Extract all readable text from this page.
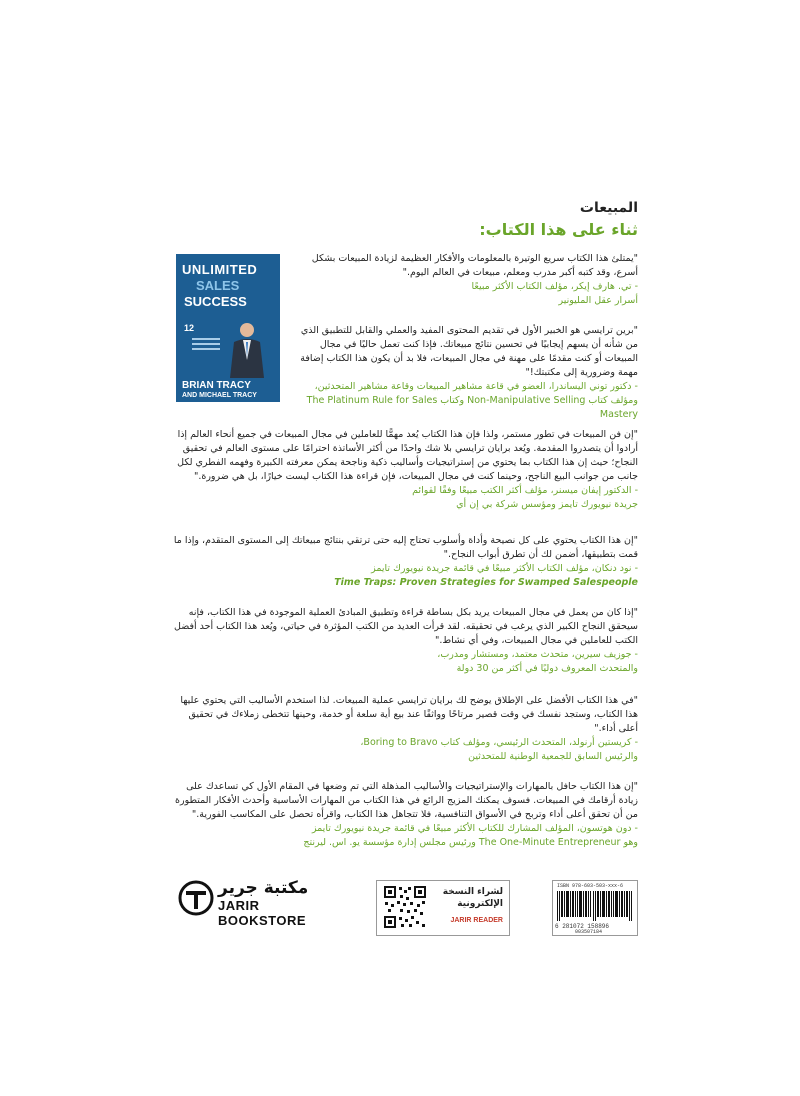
المبيعات
ثناء على هذا الكتاب:
UNLIMITED
SALES
SUCCESS
12
BRIAN TRACY
AND MICHAEL TRACY

"يمتلئ هذا الكتاب سريع الوتيرة بالمعلومات والأفكار العظيمة لزيادة المبيعات بشكل أسرع، وقد كتبه أكبر مدرب ومعلم، مبيعات في العالم اليوم."

- تي. هارف إيكر، مؤلف الكتاب الأكثر مبيعًا

أسرار عقل المليونير

"برين ترايسي هو الخبير الأول في تقديم المحتوى المفيد والعملي والقابل للتطبيق الذي من شأنه أن يسهم إيجابيًا في تحسين نتائج مبيعاتك. فإذا كنت تعمل حاليًا في مجال المبيعات أو كنت مقدمًا على مهنة في مجال المبيعات، فلا بد أن يكون هذا الكتاب إضافة مهمة وضرورية إلى مكتبتك!"

- دكتور توني اليساندرا، العضو في قاعة مشاهير المبيعات وقاعة مشاهير المتحدثين،

ومؤلف كتاب Non-Manipulative Selling وكتاب The Platinum Rule for Sales Mastery

"إن فن المبيعات في تطور مستمر، ولذا فإن هذا الكتاب يُعد مهمًّا للعاملين في مجال المبيعات في جميع أنحاء العالم إذا أرادوا أن يتصدروا المقدمة. ويُعد برايان ترايسي بلا شك واحدًا من أكثر الأساتذة احترامًا على مستوى العالم في تحقيق النجاح؛ حيث إن هذا الكتاب بما يحتوي من إستراتيجيات وأساليب ذكية وناجحة يمكن معرفته الكبيرة وفهمه الفطري لكل جانب من جوانب البيع الناجح، وحينما كنت في مجال المبيعات، فإن قراءة هذا الكتاب ليست خيارًا، بل هي ضرورة."

- الدكتور إيفان ميسنر، مؤلف أكثر الكتب مبيعًا وفقًا لقوائم

جريدة نيويورك تايمز ومؤسس شركة بي إن أي

"إن هذا الكتاب يحتوي على كل نصيحة وأداة وأسلوب تحتاج إليه حتى ترتقي بنتائج مبيعاتك إلى المستوى المتقدم، وإذا ما قمت بتطبيقها، أضمن لك أن تطرق أبواب النجاح."

- نود دنكان، مؤلف الكتاب الأكثر مبيعًا في قائمة جريدة نيويورك تايمز

Time Traps: Proven Strategies for Swamped Salespeople

"إذا كان من يعمل في مجال المبيعات يريد بكل بساطة قراءة وتطبيق المبادئ العملية الموجودة في هذا الكتاب، فإنه سيحقق النجاح الكبير الذي يرغب في تحقيقه. لقد قرأت العديد من الكتب المؤثرة في حياتي، ويُعد هذا الكتاب أحد أفضل الكتب للعاملين في مجال المبيعات، وفي أي نشاط."

- جوزيف سيرين، متحدث معتمد، ومستشار ومدرب،

والمتحدث المعروف دوليًا في أكثر من 30 دولة

"في هذا الكتاب الأفضل على الإطلاق يوضح لك برايان ترايسي عملية المبيعات. لذا استخدم الأساليب التي يحتوي عليها هذا الكتاب، وستجد نفسك في وقت قصير مرتاحًا وواثقًا عند بيع أية سلعة أو خدمة، وحينها تتخطى زملاءك في تحقيق أعلى أداء."

- كريستين أرنولد، المتحدث الرئيسي، ومؤلف كتاب Boring to Bravo،

والرئيس السابق للجمعية الوطنية للمتحدثين

"إن هذا الكتاب حافل بالمهارات والإستراتيجيات والأساليب المذهلة التي تم وضعها في المقام الأول كي تساعدك على زيادة أرقامك في المبيعات. فسوف يمكنك المزيج الرائع في هذا الكتاب من المهارات الأساسية وأحدث الأفكار المتطورة من أن تحقق أعلى أداء وتربح في الأسواق التنافسية، فلا تتجاهل هذا الكتاب، واقرأه تحصل على المكاسب الفورية."

- دون هوتسون، المؤلف المشارك للكتاب الأكثر مبيعًا في قائمة جريدة نيويورك تايمز

وهو The One-Minute Entrepreneur ورئيس مجلس إدارة مؤسسة يو. اس. ليرنتج

مكتبة جرير
JARIR BOOKSTORE
لشراء النسخة
الإلكترونية
JARIR READER
ISBN 978-603-503-xxx-6
6 281072 158896
003507184
